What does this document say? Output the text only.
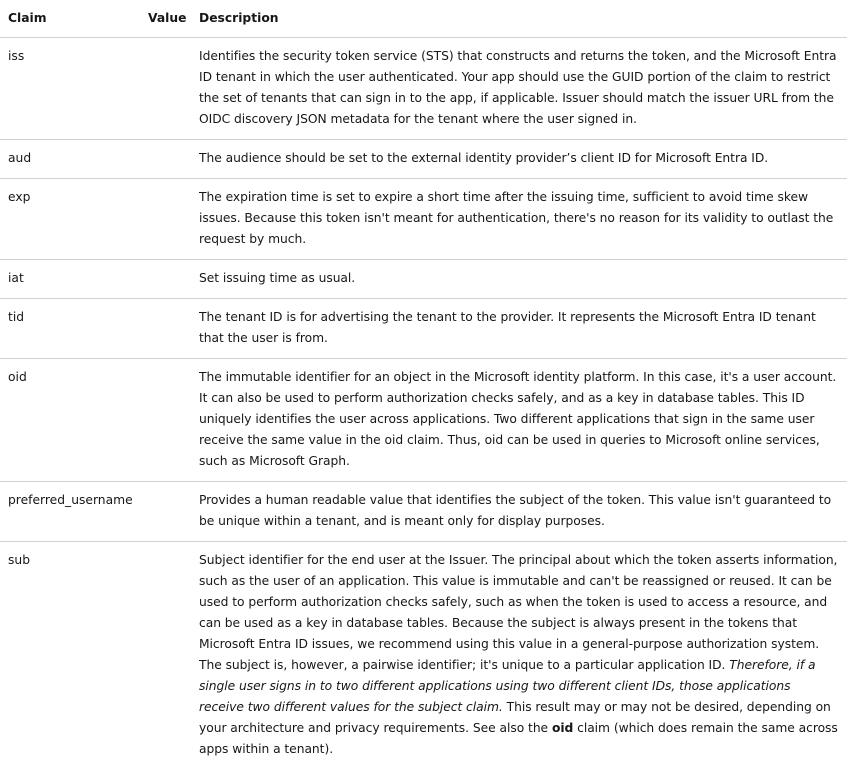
Claim	Value	Description
iss		Identifies the security token service (STS) that constructs and returns the token, and the Microsoft Entra ID tenant in which the user authenticated. Your app should use the GUID portion of the claim to restrict the set of tenants that can sign in to the app, if applicable. Issuer should match the issuer URL from the OIDC discovery JSON metadata for the tenant where the user signed in.
aud		The audience should be set to the external identity provider’s client ID for Microsoft Entra ID.
exp		The expiration time is set to expire a short time after the issuing time, sufficient to avoid time skew issues. Because this token isn't meant for authentication, there's no reason for its validity to outlast the request by much.
iat		Set issuing time as usual.
tid		The tenant ID is for advertising the tenant to the provider. It represents the Microsoft Entra ID tenant that the user is from.
oid		The immutable identifier for an object in the Microsoft identity platform. In this case, it's a user account. It can also be used to perform authorization checks safely, and as a key in database tables. This ID uniquely identifies the user across applications. Two different applications that sign in the same user receive the same value in the oid claim. Thus, oid can be used in queries to Microsoft online services, such as Microsoft Graph.
preferred_username		Provides a human readable value that identifies the subject of the token. This value isn't guaranteed to be unique within a tenant, and is meant only for display purposes.
sub		Subject identifier for the end user at the Issuer. The principal about which the token asserts information, such as the user of an application. This value is immutable and can't be reassigned or reused. It can be used to perform authorization checks safely, such as when the token is used to access a resource, and can be used as a key in database tables. Because the subject is always present in the tokens that Microsoft Entra ID issues, we recommend using this value in a general-purpose authorization system. The subject is, however, a pairwise identifier; it's unique to a particular application ID. Therefore, if a single user signs in to two different applications using two different client IDs, those applications receive two different values for the subject claim. This result may or may not be desired, depending on your architecture and privacy requirements. See also the oid claim (which does remain the same across apps within a tenant).
